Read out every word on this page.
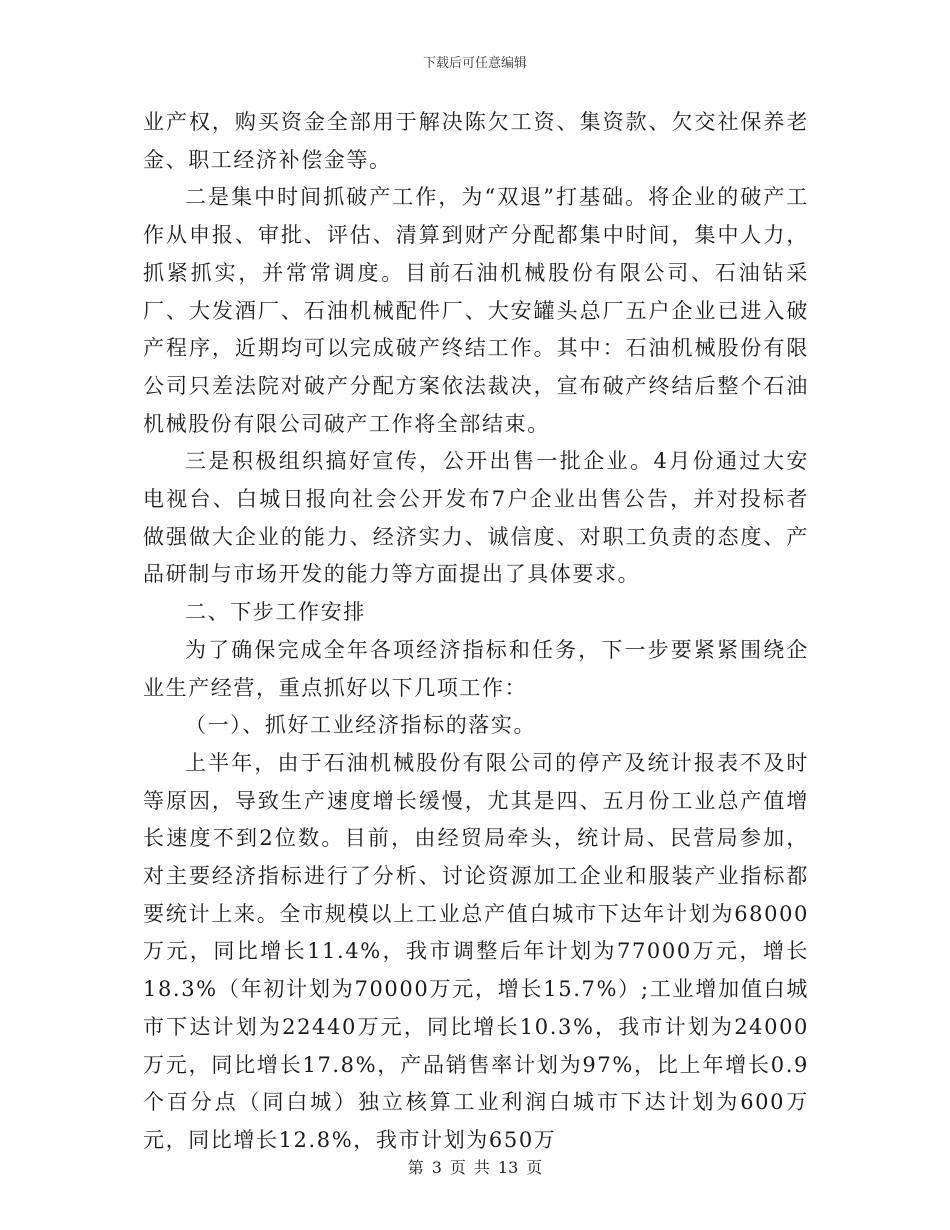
下载后可任意编辑

业产权，购买资金全部用于解决陈欠工资、集资款、欠交社保养老金、职工经济补偿金等。

二是集中时间抓破产工作，为“双退”打基础。将企业的破产工作从申报、审批、评估、清算到财产分配都集中时间，集中人力，抓紧抓实，并常常调度。目前石油机械股份有限公司、石油钻采厂、大发酒厂、石油机械配件厂、大安罐头总厂五户企业已进入破产程序，近期均可以完成破产终结工作。其中：石油机械股份有限公司只差法院对破产分配方案依法裁决，宣布破产终结后整个石油机械股份有限公司破产工作将全部结束。

三是积极组织搞好宣传，公开出售一批企业。4月份通过大安电视台、白城日报向社会公开发布7户企业出售公告，并对投标者做强做大企业的能力、经济实力、诚信度、对职工负责的态度、产品研制与市场开发的能力等方面提出了具体要求。

二、下步工作安排

为了确保完成全年各项经济指标和任务，下一步要紧紧围绕企业生产经营，重点抓好以下几项工作：

（一）、抓好工业经济指标的落实。

上半年，由于石油机械股份有限公司的停产及统计报表不及时等原因，导致生产速度增长缓慢，尤其是四、五月份工业总产值增长速度不到2位数。目前，由经贸局牵头，统计局、民营局参加，对主要经济指标进行了分析、讨论资源加工企业和服装产业指标都要统计上来。全市规模以上工业总产值白城市下达年计划为68000万元，同比增长11.4%，我市调整后年计划为77000万元，增长18.3%（年初计划为70000万元，增长15.7%）;工业增加值白城市下达计划为22440万元，同比增长10.3%，我市计划为24000万元，同比增长17.8%，产品销售率计划为97%，比上年增长0.9个百分点（同白城）独立核算工业利润白城市下达计划为600万元，同比增长12.8%，我市计划为650万

第 3 页 共 13 页
